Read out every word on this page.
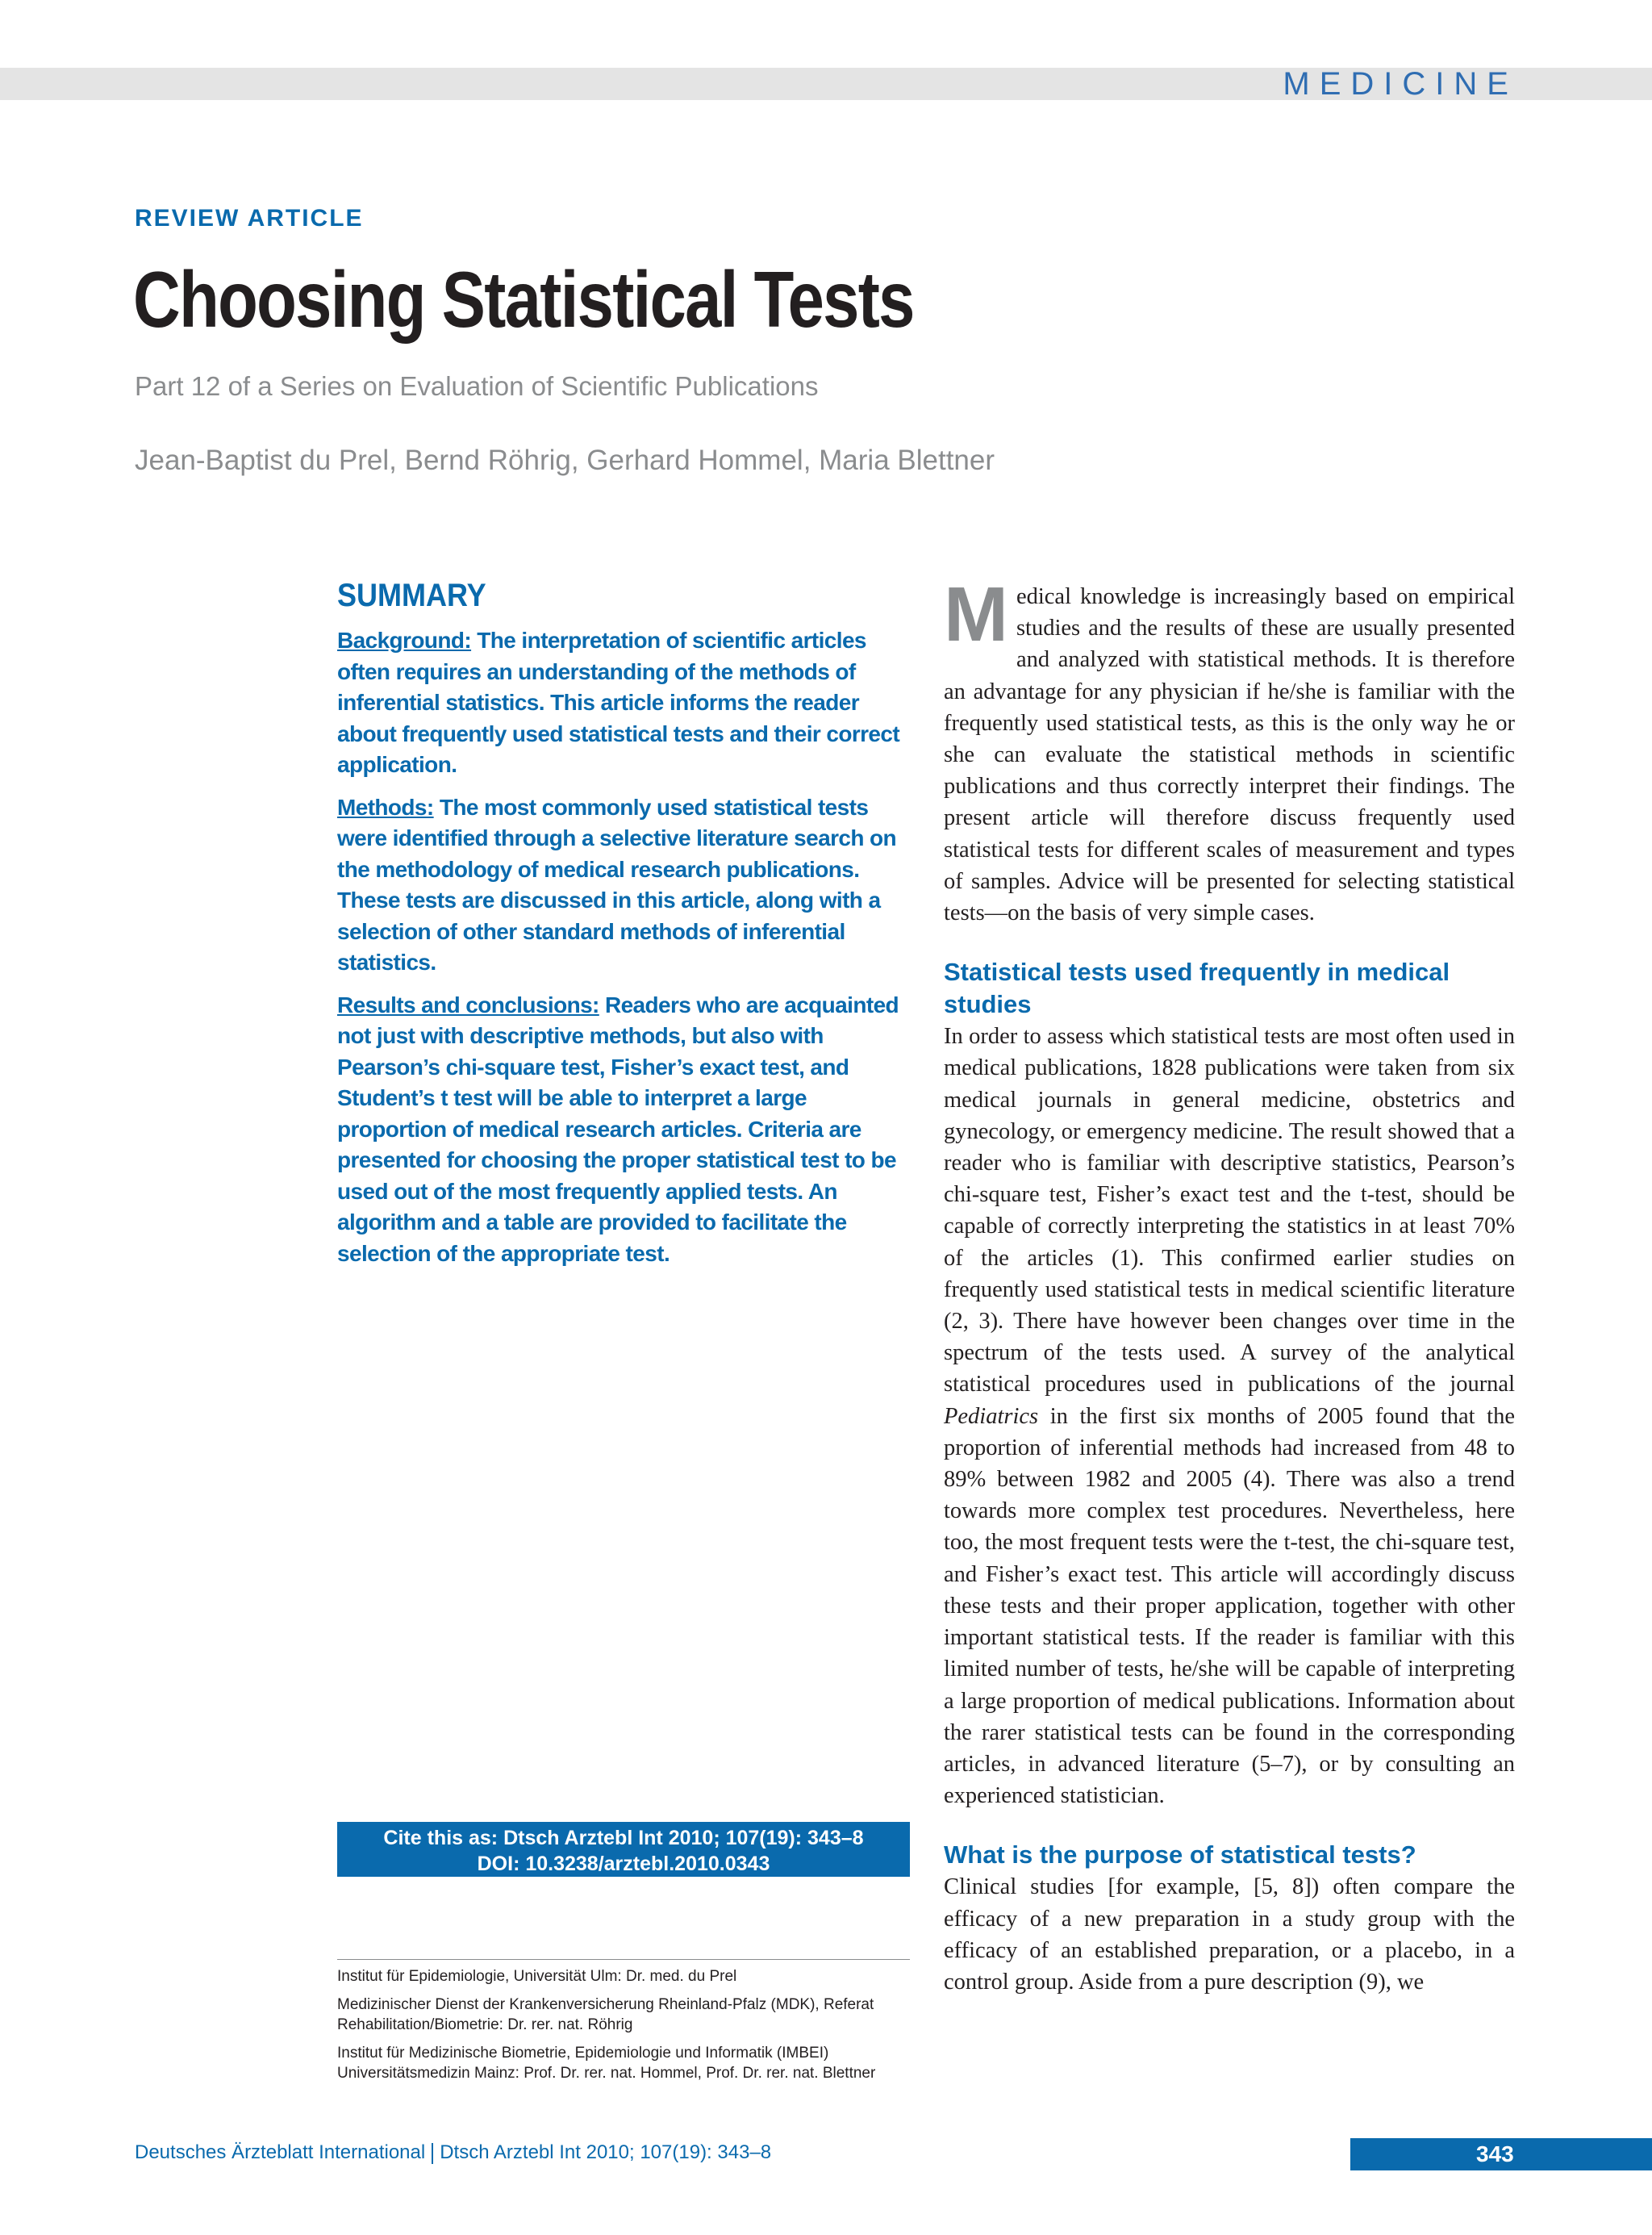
MEDICINE
REVIEW ARTICLE
Choosing Statistical Tests
Part 12 of a Series on Evaluation of Scientific Publications
Jean-Baptist du Prel, Bernd Röhrig, Gerhard Hommel, Maria Blettner
SUMMARY

Background: The interpretation of scientific articles often requires an understanding of the methods of inferential statistics. This article informs the reader about frequently used statistical tests and their correct application.

Methods: The most commonly used statistical tests were identified through a selective literature search on the methodology of medical research publications. These tests are discussed in this article, along with a selection of other standard methods of inferential statistics.

Results and conclusions: Readers who are acquainted not just with descriptive methods, but also with Pearson’s chi-square test, Fisher’s exact test, and Student’s t test will be able to interpret a large proportion of medical research articles. Criteria are presented for choosing the proper statistical test to be used out of the most frequently applied tests. An algorithm and a table are provided to facilitate the selection of the appropriate test.

Cite this as: Dtsch Arztebl Int 2010; 107(19): 343–8
DOI: 10.3238/arztebl.2010.0343

Institut für Epidemiologie, Universität Ulm: Dr. med. du Prel

Medizinischer Dienst der Krankenversicherung Rheinland-Pfalz (MDK), Referat Rehabilitation/Biometrie: Dr. rer. nat. Röhrig

Institut für Medizinische Biometrie, Epidemiologie und Informatik (IMBEI) Universitätsmedizin Mainz: Prof. Dr. rer. nat. Hommel, Prof. Dr. rer. nat. Blettner

Medical knowledge is increasingly based on empirical studies and the results of these are usually presented and analyzed with statistical methods. It is therefore an advantage for any physician if he/she is familiar with the frequently used statistical tests, as this is the only way he or she can evaluate the statistical methods in scientific publications and thus correctly interpret their findings. The present article will therefore discuss frequently used statistical tests for different scales of measurement and types of samples. Advice will be presented for selecting statistical tests—on the basis of very simple cases.

Statistical tests used frequently in medical studies

In order to assess which statistical tests are most often used in medical publications, 1828 publications were taken from six medical journals in general medicine, obstetrics and gynecology, or emergency medicine. The result showed that a reader who is familiar with descriptive statistics, Pearson’s chi-square test, Fisher’s exact test and the t-test, should be capable of correctly interpreting the statistics in at least 70% of the articles (1). This confirmed earlier studies on frequently used statistical tests in medical scientific literature (2, 3). There have however been changes over time in the spectrum of the tests used. A survey of the analytical statistical procedures used in publications of the journal Pediatrics in the first six months of 2005 found that the proportion of inferential methods had increased from 48 to 89% between 1982 and 2005 (4). There was also a trend towards more complex test procedures. Nevertheless, here too, the most frequent tests were the t-test, the chi-square test, and Fisher’s exact test. This article will accordingly discuss these tests and their proper application, together with other important statistical tests. If the reader is familiar with this limited number of tests, he/she will be capable of interpreting a large proportion of medical publications. Information about the rarer statistical tests can be found in the corresponding articles, in advanced literature (5–7), or by consulting an experienced statistician.

What is the purpose of statistical tests?

Clinical studies [for example, [5, 8]) often compare the efficacy of a new preparation in a study group with the efficacy of an established preparation, or a placebo, in a control group. Aside from a pure description (9), we

Deutsches Ärzteblatt International Dtsch Arztebl Int 2010; 107(19): 343–8	343
